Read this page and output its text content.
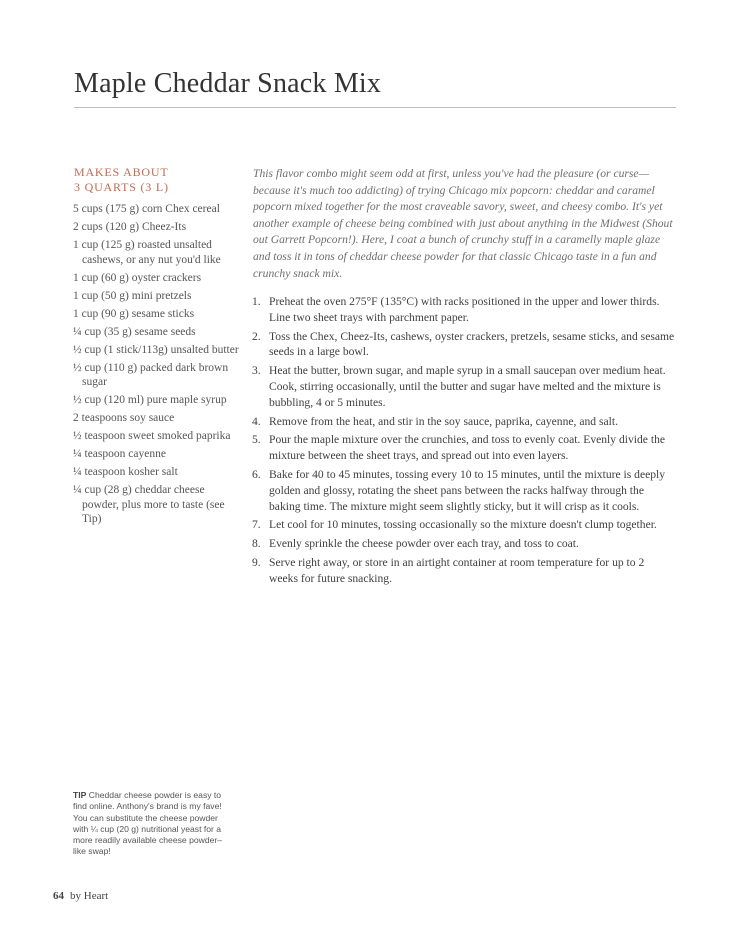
Maple Cheddar Snack Mix
MAKES ABOUT
3 QUARTS (3 L)
5 cups (175 g) corn Chex cereal
2 cups (120 g) Cheez-Its
1 cup (125 g) roasted unsalted cashews, or any nut you'd like
1 cup (60 g) oyster crackers
1 cup (50 g) mini pretzels
1 cup (90 g) sesame sticks
¼ cup (35 g) sesame seeds
½ cup (1 stick/113g) unsalted butter
½ cup (110 g) packed dark brown sugar
½ cup (120 ml) pure maple syrup
2 teaspoons soy sauce
½ teaspoon sweet smoked paprika
¼ teaspoon cayenne
¼ teaspoon kosher salt
¼ cup (28 g) cheddar cheese powder, plus more to taste (see Tip)

This flavor combo might seem odd at first, unless you've had the pleasure (or curse—because it's much too addicting) of trying Chicago mix popcorn: cheddar and caramel popcorn mixed together for the most craveable savory, sweet, and cheesy combo. It's yet another example of cheese being combined with just about anything in the Midwest (Shout out Garrett Popcorn!). Here, I coat a bunch of crunchy stuff in a caramelly maple glaze and toss it in tons of cheddar cheese powder for that classic Chicago taste in a fun and crunchy snack mix.

1. Preheat the oven 275°F (135°C) with racks positioned in the upper and lower thirds. Line two sheet trays with parchment paper.
2. Toss the Chex, Cheez-Its, cashews, oyster crackers, pretzels, sesame sticks, and sesame seeds in a large bowl.
3. Heat the butter, brown sugar, and maple syrup in a small saucepan over medium heat. Cook, stirring occasionally, until the butter and sugar have melted and the mixture is bubbling, 4 or 5 minutes.
4. Remove from the heat, and stir in the soy sauce, paprika, cayenne, and salt.
5. Pour the maple mixture over the crunchies, and toss to evenly coat. Evenly divide the mixture between the sheet trays, and spread out into even layers.
6. Bake for 40 to 45 minutes, tossing every 10 to 15 minutes, until the mixture is deeply golden and glossy, rotating the sheet pans between the racks halfway through the baking time. The mixture might seem slightly sticky, but it will crisp as it cools.
7. Let cool for 10 minutes, tossing occasionally so the mixture doesn't clump together.
8. Evenly sprinkle the cheese powder over each tray, and toss to coat.
9. Serve right away, or store in an airtight container at room temperature for up to 2 weeks for future snacking.

TIP Cheddar cheese powder is easy to find online. Anthony's brand is my fave! You can substitute the cheese powder with ¼ cup (20 g) nutritional yeast for a more readily available cheese powder–like swap!

64 by Heart
